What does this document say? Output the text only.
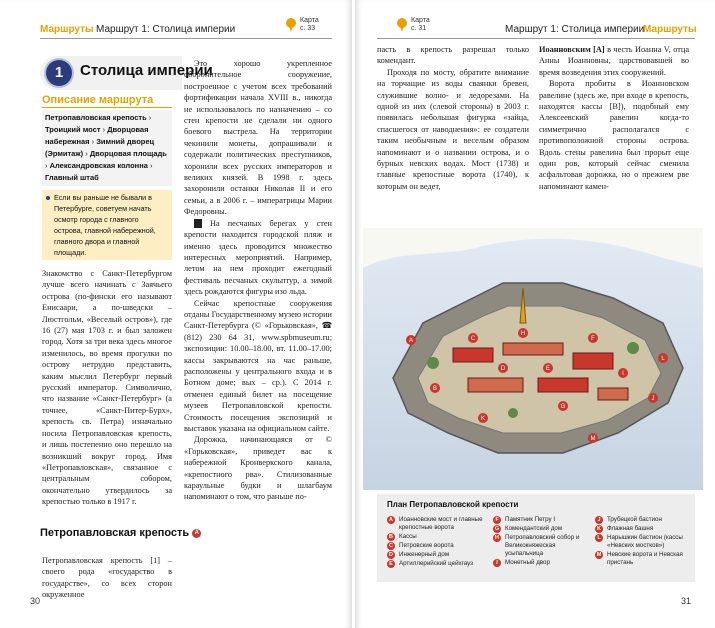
Маршруты Маршрут 1: Столица империи
Карта
с. 33
1	Столица империи
Описание маршрута
Петропавловская крепость › Троицкий мост › Дворцовая набережная › Зимний дворец (Эрмитаж) › Дворцовая площадь › Александровская колонна › Главный штаб
Если вы раньше не бывали в Петербурге, советуем начать осмотр города с главного острова, главной набережной, главного двора и главной площади.

Знакомство с Санкт-Петербургом лучше всего начинать с Заячьего острова (по-фински его называют Енисаари, а по-шведски – Люстгольм, «Веселый остров»), где 16 (27) мая 1703 г. и был заложен город. Хотя за три века здесь многое изменилось, во время прогулки по острову нетрудно представить, каким мыслил Петербург первый русский император. Символично, что название «Санкт-Петербург» (а точнее, «Санкт-Питер-Бурх», крепость св. Петра) изначально носила Петропавловская крепость, и лишь постепенно оно перешло на возникший вокруг город. Имя «Петропавловская», связанное с центральным собором, окончательно утвердилось за крепостью только в 1917 г.

Петропавловская крепость A

Петропавловская крепость [1] – своего рода «государство в государстве», со всех сторон окруженное

Это хорошо укрепленное оборонительное сооружение, построенное с учетом всех требований фортификации начала XVIII в., никогда не использовалось по назначению – со стен крепости не сделали ни одного боевого выстрела. На территории чекинили монеты, допрашивали и содержали политических преступников, хоронили всех русских императоров и великих князей. В 1998 г. здесь захоронили останки Николая II и его семьи, а в 2006 г. – императрицы Марии Федоровны.

! На песчаных берегах у стен крепости находится городской пляж и именно здесь проводится множество интересных мероприятий. Например, летом на нем проходит ежегодный фестиваль песчаных скульптур, а зимой здесь рождаются фигуры изо льда.

Сейчас крепостные сооружения отданы Государственному музею истории Санкт-Петербурга (© «Горьковская», ☎ (812) 230 64 31, www.spbmuseum.ru; экспозиции: 10.00–18.00, вт. 11.00–17.00; кассы закрываются на час раньше, расположены у центрального входа и в Ботном доме; вых – ср.). С 2014 г. отменен единый билет на посещение музеев Петропавловской крепости. Стоимость посещения экспозиций и выставок указана на официальном сайте.

Дорожка, начинающаяся от © «Горьковская», приведет вас к набережной Кронверкского канала, «крепостного рва». Стилизованные караульные будки и шлагбаум напоминают о том, что раньше по-

30
Карта
с. 31	Маршрут 1: Столица империи
Маршруты

пасть в крепость разрешал только комендант.

Проходя по мосту, обратите внимание на торчащие из воды сваянки бревен, служившие волно- и ледорезами. На одной из них (слевой стороны) в 2003 г. появилась небольшая фигурка «зайца, спасшегося от наводнения»: ее создатели таким необычным и веселым образом напоминают и о названии острова, и о бурных невских водах. Мост (1738) и главные крепостные ворота (1740), к которым он ведет,

Иоанновским [A] в честь Иоанна V, отца Анны Иоанновны, царствовавшей во время возведения этих сооружений.

Ворота пробиты в Иоанновском равелине (здесь же, при входе в крепость, находятся кассы [B]), подобный ему Алексеевский равелин когда-то симметрично располагался с противоположной стороны острова. Вдоль стены равелина был прорыт еще один ров, который сейчас сменила асфальтовая дорожка, но о прежнем рве напоминают камен-

A
B
C
D	E
F
G
H
I
J
K
L
M
План Петропавловской крепости
A Иоанновские мост и главные крепостные ворота
B Кассы
C Петровские ворота
D Инженерный дом
E Артиллерийский цейхгауз
F	Памятник Петру I
G Комендантский дом
H Петропавловский собор и Великокняжеская усыпальница
I	Монетный двор
J	Трубецкой бастион
K Флажная башня
L	Нарышкин бастион (кассы «Невских мостков»)
M Невские ворота и Невская пристань
31
